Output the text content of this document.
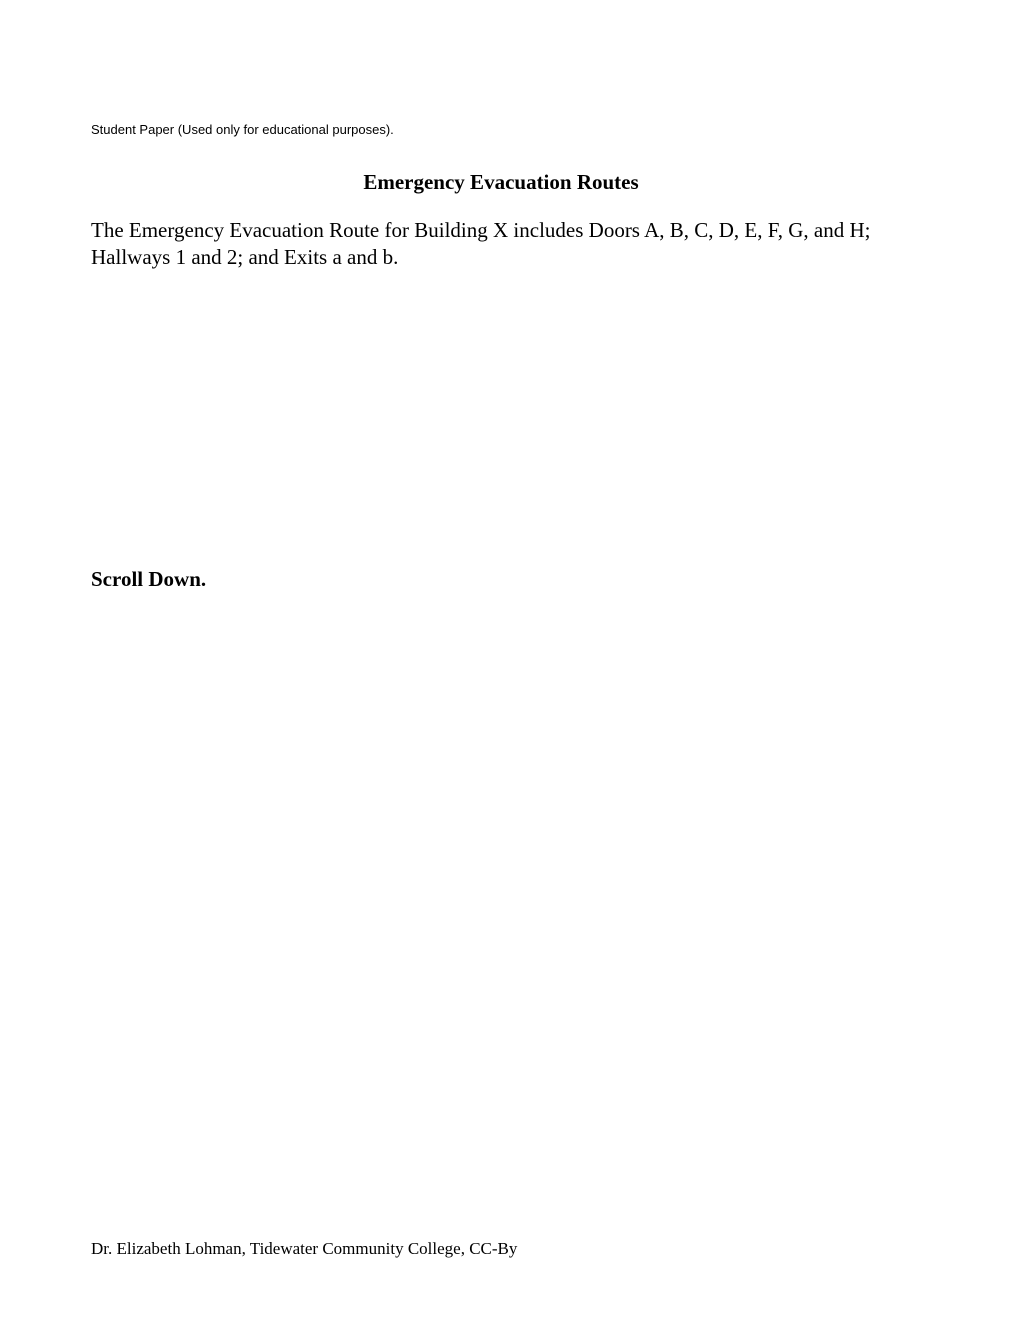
Student Paper (Used only for educational purposes).
Emergency Evacuation Routes
The Emergency Evacuation Route for Building X includes Doors A, B, C, D, E, F, G, and H; Hallways 1 and 2; and Exits a and b.
Scroll Down.
Dr. Elizabeth Lohman, Tidewater Community College, CC-By
